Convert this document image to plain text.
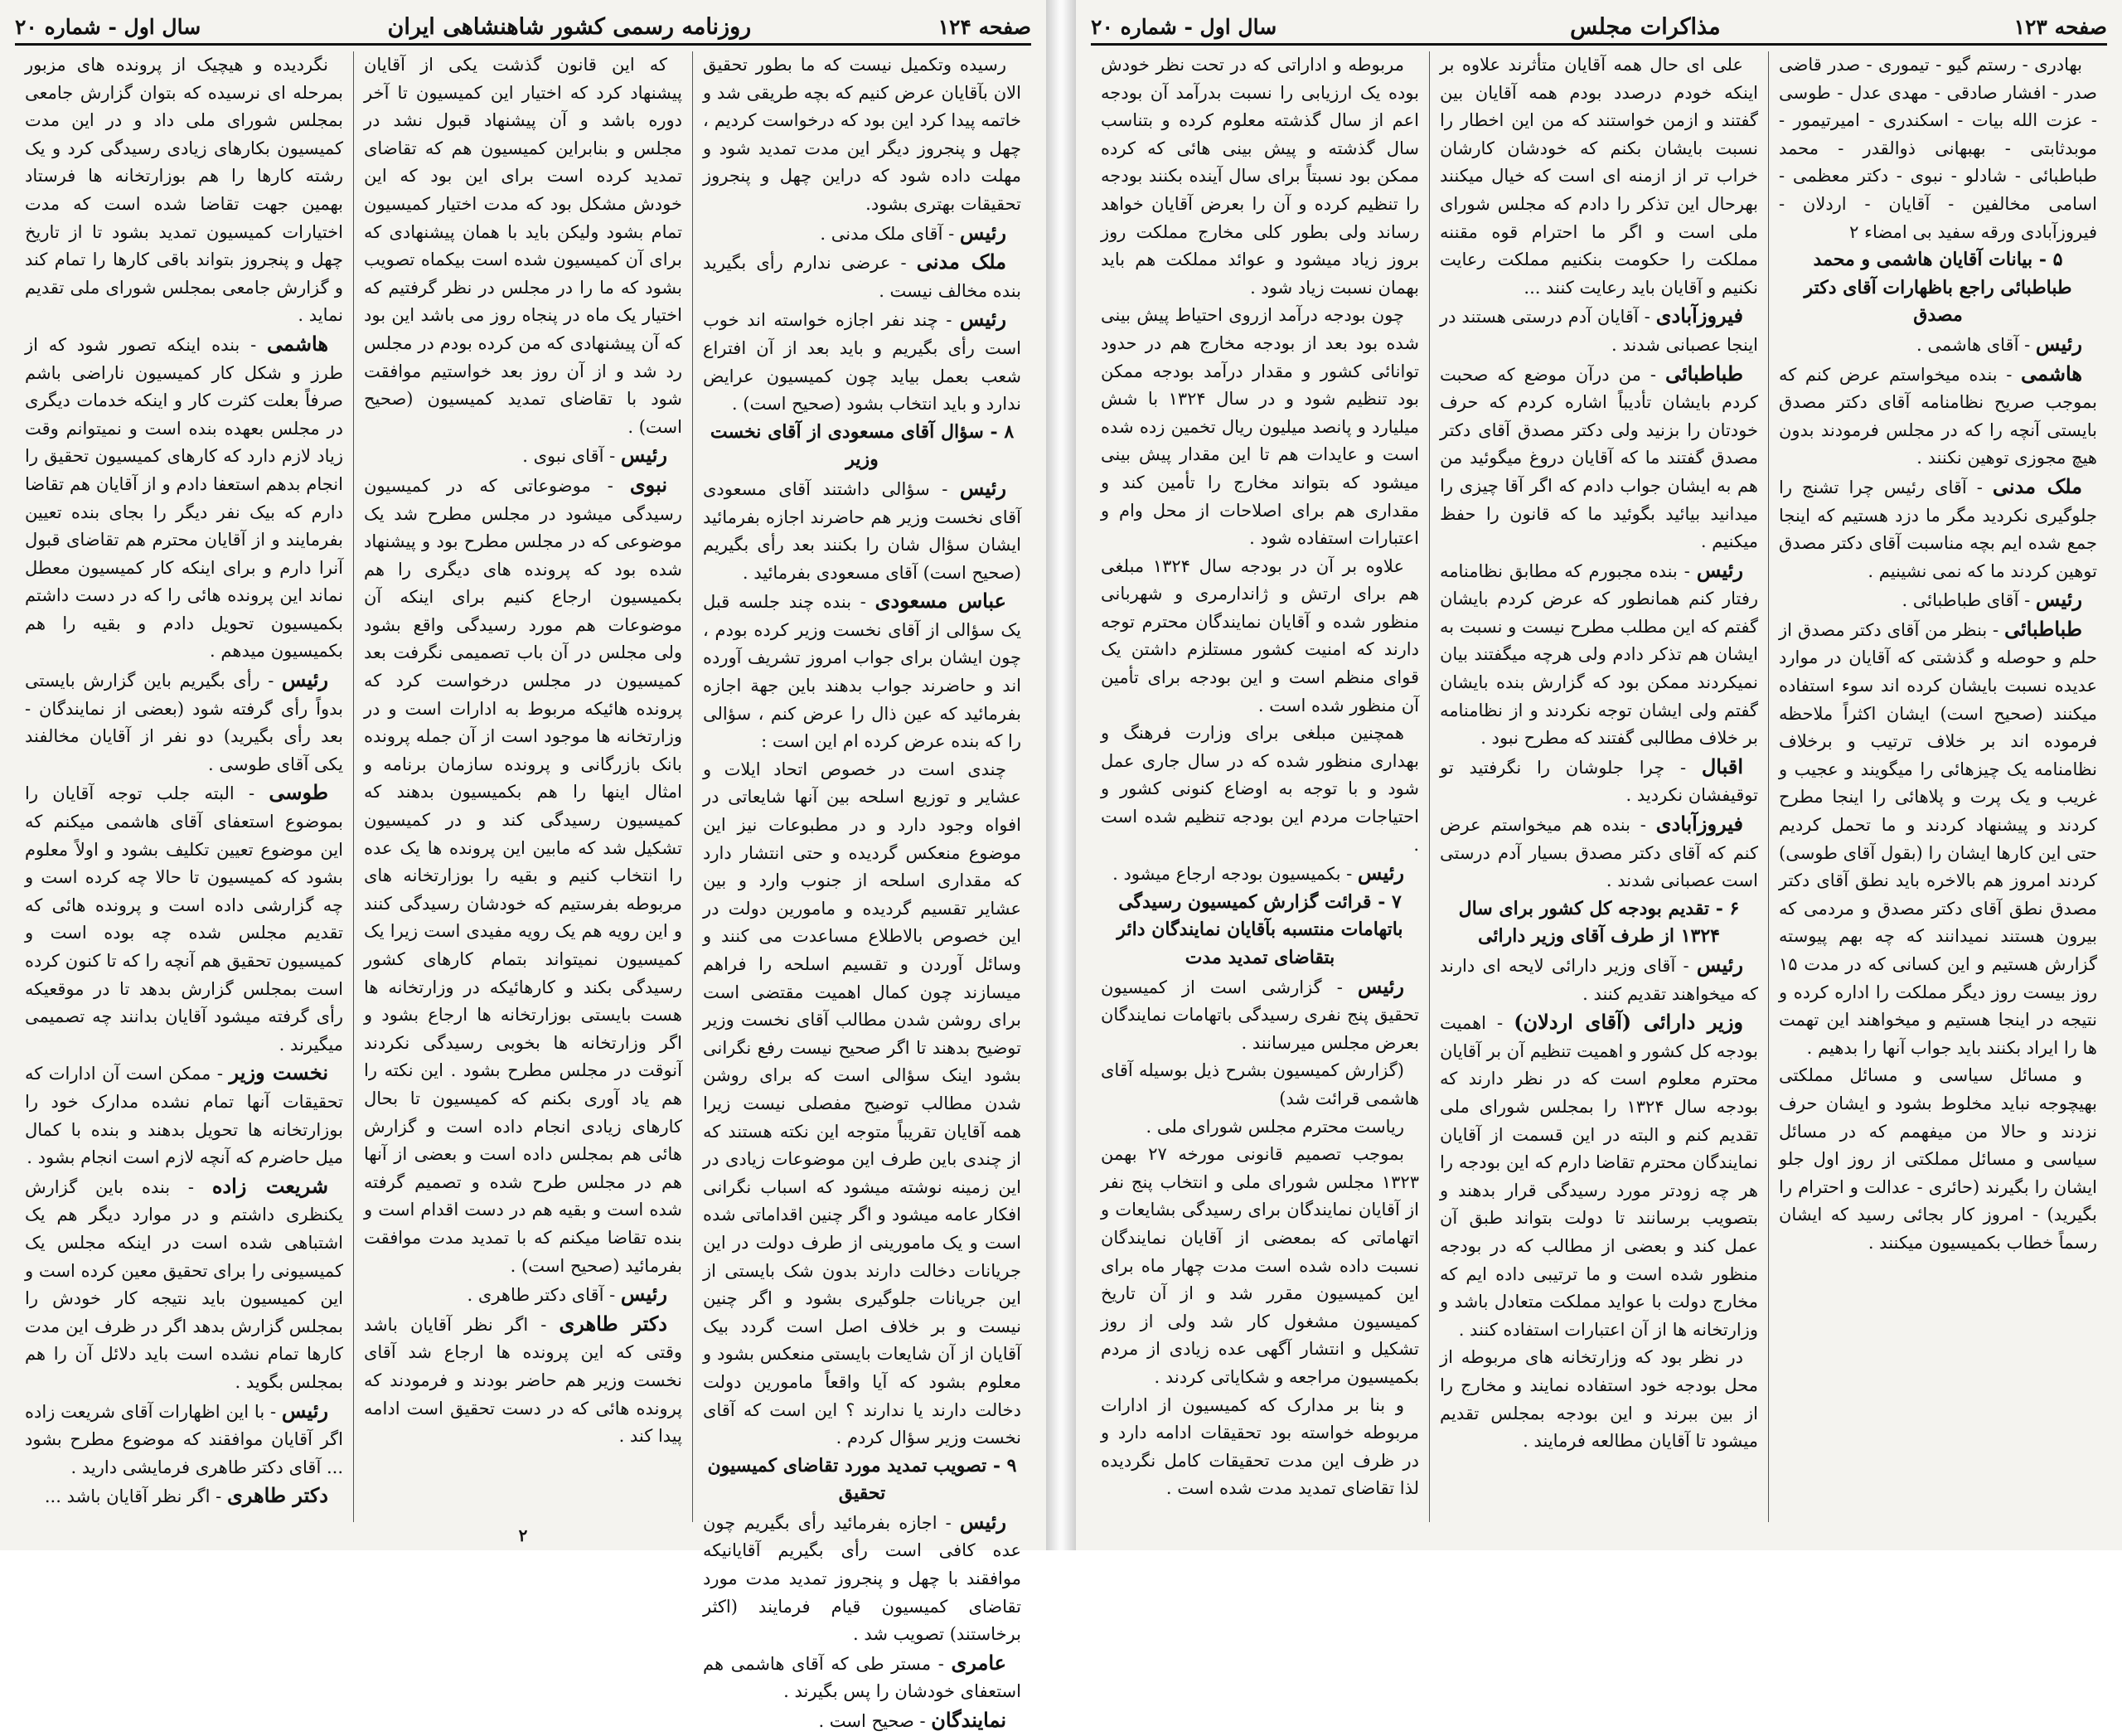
صفحه ۱۲۴
روزنامه رسمی کشور شاهنشاهی ایران
سال اول - شماره ۲۰

رسیده وتکمیل نیست که ما بطور تحقیق الان بآقایان عرض کنیم که بچه طریقی شد و خاتمه پیدا کرد این بود که درخواست کردیم ، چهل و پنجروز دیگر این مدت تمدید شود و مهلت داده شود که دراین چهل و پنجروز تحقیقات بهتری بشود.

رئیس - آقای ملک مدنی .

ملک مدنی - عرضی ندارم رأی بگیرید بنده مخالف نیست .

رئیس - چند نفر اجازه خواسته اند خوب است رأی بگیریم و باید بعد از آن افتراع شعب بعمل بیاید چون کمیسیون عرایض ندارد و باید انتخاب بشود (صحیح است) .

۸ - سؤال آقای مسعودی از آقای نخست وزیر

رئیس - سؤالی داشتند آقای مسعودی آقای نخست وزیر هم حاضرند اجازه بفرمائید ایشان سؤال شان را بکنند بعد رأی بگیریم (صحیح است) آقای مسعودی بفرمائید .

عباس مسعودی - بنده چند جلسه قبل یک سؤالی از آقای نخست وزیر کرده بودم ، چون ایشان برای جواب امروز تشریف آورده اند و حاضرند جواب بدهند باین جهة اجازه بفرمائید که عین ذال را عرض کنم ، سؤالی را که بنده عرض کرده ام این است :

چندی است در خصوص اتحاد ایلات و عشایر و توزیع اسلحه بین آنها شایعاتی در افواه وجود دارد و در مطبوعات نیز این موضوع منعکس گردیده و حتی انتشار دارد که مقداری اسلحه از جنوب وارد و بین عشایر تقسیم گردیده و مامورین دولت در این خصوص بالاطلاع مساعدت می کنند و وسائل آوردن و تقسیم اسلحه را فراهم میسازند چون کمال اهمیت مقتضی است برای روشن شدن مطالب آقای نخست وزیر توضیح بدهند تا اگر صحیح نیست رفع نگرانی بشود اینک سؤالی است که برای روشن شدن مطالب توضیح مفصلی نیست زیرا همه آقایان تقریباً متوجه این نکته هستند که از چندی باین طرف این موضوعات زیادی در این زمینه نوشته میشود که اسباب نگرانی افکار عامه میشود و اگر چنین اقداماتی شده است و یک مامورینی از طرف دولت در این جریانات دخالت دارند بدون شک بایستی از این جریانات جلوگیری بشود و اگر چنین نیست و بر خلاف اصل است گردد بیک آقایان از آن شایعات بایستی منعکس بشود و معلوم بشود که آیا واقعاً مامورین دولت دخالت دارند یا ندارند ؟ این است که آقای نخست وزیر سؤال کردم .

۹ - تصویب تمدید مورد تقاضای کمیسیون تحقیق

رئیس - اجازه بفرمائید رأی بگیریم چون عده کافی است رأی بگیریم آقایانیکه موافقند با چهل و پنجروز تمدید مدت مورد تقاضای کمیسیون قیام فرمایند (اکثر برخاستند) تصویب شد .

عامری - مستر طی که آقای هاشمی هم استعفای خودشان را پس بگیرند .

نمایندگان - صحیح است .

که این قانون گذشت یکی از آقایان پیشنهاد کرد که اختیار این کمیسیون تا آخر دوره باشد و آن پیشنهاد قبول نشد در مجلس و بنابراین کمیسیون هم که تقاضای تمدید کرده است برای این بود که این خودش مشکل بود که مدت اختیار کمیسیون تمام بشود ولیکن باید با همان پیشنهادی که برای آن کمیسیون شده است بیکماه تصویب بشود که ما را در مجلس در نظر گرفتیم که اختیار یک ماه در پنجاه روز می باشد این بود که آن پیشنهادی که من کرده بودم در مجلس رد شد و از آن روز بعد خواستیم موافقت شود با تقاضای تمدید کمیسیون (صحیح است) .

رئیس - آقای نبوی .

نبوی - موضوعاتی که در کمیسیون رسیدگی میشود در مجلس مطرح شد یک موضوعی که در مجلس مطرح بود و پیشنهاد شده بود که پرونده های دیگری را هم بکمیسیون ارجاع کنیم برای اینکه آن موضوعات هم مورد رسیدگی واقع بشود ولی مجلس در آن باب تصمیمی نگرفت بعد کمیسیون در مجلس درخواست کرد که پرونده هائیکه مربوط به ادارات است و در وزارتخانه ها موجود است از آن جمله پرونده بانک بازرگانی و پرونده سازمان برنامه و امثال اینها را هم بکمیسیون بدهند که کمیسیون رسیدگی کند و در کمیسیون تشکیل شد که مابین این پرونده ها یک عده را انتخاب کنیم و بقیه را بوزارتخانه های مربوطه بفرستیم که خودشان رسیدگی کنند و این رویه هم یک رویه مفیدی است زیرا یک کمیسیون نمیتواند بتمام کارهای کشور رسیدگی بکند و کارهائیکه در وزارتخانه ها هست بایستی بوزارتخانه ها ارجاع بشود و اگر وزارتخانه ها بخوبی رسیدگی نکردند آنوقت در مجلس مطرح بشود . این نکته را هم یاد آوری بکنم که کمیسیون تا بحال کارهای زیادی انجام داده است و گزارش هائی هم بمجلس داده است و بعضی از آنها هم در مجلس طرح شده و تصمیم گرفته شده است و بقیه هم در دست اقدام است و بنده تقاضا میکنم که با تمدید مدت موافقت بفرمائید (صحیح است) .

رئیس - آقای دکتر طاهری .

دکتر طاهری - اگر نظر آقایان باشد وقتی که این پرونده ها ارجاع شد آقای نخست وزیر هم حاضر بودند و فرمودند که پرونده هائی که در دست تحقیق است ادامه پیدا کند .

نگردیده و هیچیک از پرونده های مزبور بمرحله ای نرسیده که بتوان گزارش جامعی بمجلس شورای ملی داد و در این مدت کمیسیون بکارهای زیادی رسیدگی کرد و یک رشته کارها را هم بوزارتخانه ها فرستاد بهمین جهت تقاضا شده است که مدت اختیارات کمیسیون تمدید بشود تا از تاریخ چهل و پنجروز بتواند باقی کارها را تمام کند و گزارش جامعی بمجلس شورای ملی تقدیم نماید .

هاشمی - بنده اینکه تصور شود که از طرز و شکل کار کمیسیون ناراضی باشم صرفاً بعلت کثرت کار و اینکه خدمات دیگری در مجلس بعهده بنده است و نمیتوانم وقت زیاد لازم دارد که کارهای کمیسیون تحقیق را انجام بدهم استعفا دادم و از آقایان هم تقاضا دارم که بیک نفر دیگر را بجای بنده تعیین بفرمایند و از آقایان محترم هم تقاضای قبول آنرا دارم و برای اینکه کار کمیسیون معطل نماند این پرونده هائی را که در دست داشتم بکمیسیون تحویل دادم و بقیه را هم بکمیسیون میدهم .

رئیس - رأی بگیریم باین گزارش بایستی بدواً رأی گرفته شود (بعضی از نمایندگان - بعد رأی بگیرید) دو نفر از آقایان مخالفند یکی آقای طوسی .

طوسی - البته جلب توجه آقایان را بموضوع استعفای آقای هاشمی میکنم که این موضوع تعیین تکلیف بشود و اولاً معلوم بشود که کمیسیون تا حالا چه کرده است و چه گزارشی داده است و پرونده هائی که تقدیم مجلس شده چه بوده است و کمیسیون تحقیق هم آنچه را که تا کنون کرده است بمجلس گزارش بدهد تا در موقعیکه رأی گرفته میشود آقایان بدانند چه تصمیمی میگیرند .

نخست وزیر - ممکن است آن ادارات که تحقیقات آنها تمام نشده مدارک خود را بوزارتخانه ها تحویل بدهند و بنده با کمال میل حاضرم که آنچه لازم است انجام بشود .

شریعت زاده - بنده باین گزارش یکنظری داشتم و در موارد دیگر هم یک اشتباهی شده است در اینکه مجلس یک کمیسیونی را برای تحقیق معین کرده است و این کمیسیون باید نتیجه کار خودش را بمجلس گزارش بدهد اگر در ظرف این مدت کارها تمام نشده است باید دلائل آن را هم بمجلس بگوید .

رئیس - با این اظهارات آقای شریعت زاده اگر آقایان موافقند که موضوع مطرح بشود ... آقای دکتر طاهری فرمایشی دارید .

دکتر طاهری - اگر نظر آقایان باشد ...

۲
صفحه ۱۲۳
مذاکرات مجلس
سال اول - شماره ۲۰

بهادری - رستم گیو - تیموری - صدر قاضی صدر - افشار صادقی - مهدی عدل - طوسی - عزت الله بیات - اسکندری - امیرتیمور - موبدثابتی - بهبهانی ذوالقدر - محمد طباطبائی - شادلو - نبوی - دکتر معظمی - اسامی مخالفین - آقایان - اردلان - فیروزآبادی ورقه سفید بی امضاء ۲

۵ - بیانات آقایان هاشمی و محمد طباطبائی راجع باظهارات آقای دکتر مصدق

رئیس - آقای هاشمی .

هاشمی - بنده میخواستم عرض کنم که بموجب صریح نظامنامه آقای دکتر مصدق بایستی آنچه را که در مجلس فرمودند بدون هیچ مجوزی توهین نکنند .

ملک مدنی - آقای رئیس چرا تشنج را جلوگیری نکردید مگر ما دزد هستیم که اینجا جمع شده ایم بچه مناسبت آقای دکتر مصدق توهین کردند ما که نمی نشینیم .

رئیس - آقای طباطبائی .

طباطبائی - بنظر من آقای دکتر مصدق از حلم و حوصله و گذشتی که آقایان در موارد عدیده نسبت بایشان کرده اند سوء استفاده میکنند (صحیح است) ایشان اکثراً ملاحظه فرموده اند بر خلاف ترتیب و برخلاف نظامنامه یک چیزهائی را میگویند و عجیب و غریب و یک پرت و پلاهائی را اینجا مطرح کردند و پیشنهاد کردند و ما تحمل کردیم حتی این کارها ایشان را (بقول آقای طوسی) کردند امروز هم بالاخره باید نطق آقای دکتر مصدق نطق آقای دکتر مصدق و مردمی که بیرون هستند نمیدانند که چه بهم پیوسته گزارش هستیم و این کسانی که در مدت ۱۵ روز بیست روز دیگر مملکت را اداره کرده و نتیجه در اینجا هستیم و میخواهند این تهمت ها را ایراد بکنند باید جواب آنها را بدهیم .

و مسائل سیاسی و مسائل مملکتی بهیچوجه نباید مخلوط بشود و ایشان حرف نزدند و حالا من میفهمم که در مسائل سیاسی و مسائل مملکتی از روز اول جلو ایشان را بگیرند (حائری - عدالت و احترام را بگیرید) - امروز کار بجائی رسید که ایشان رسماً خطاب بکمیسیون میکنند .

علی ای حال همه آقایان متأثرند علاوه بر اینکه خودم درصدد بودم همه آقایان بین گفتند و ازمن خواستند که من این اخطار را نسبت بایشان بکنم که خودشان کارشان خراب تر از ازمنه ای است که خیال میکنند بهرحال این تذکر را دادم که مجلس شورای ملی است و اگر ما احترام قوه مقننه مملکت را حکومت بنکنیم مملکت رعایت نکنیم و آقایان باید رعایت کنند ...

فیروزآبادی - آقایان آدم درستی هستند در اینجا عصبانی شدند .

طباطبائی - من درآن موضع که صحبت کردم بایشان تأدیباً اشاره کردم که حرف خودتان را بزنید ولی دکتر مصدق آقای دکتر مصدق گفتند ما که آقایان دروغ میگوئید من هم به ایشان جواب دادم که اگر آقا چیزی را میدانید بیائید بگوئید ما که قانون را حفظ میکنیم .

رئیس - بنده مجبورم که مطابق نظامنامه رفتار کنم همانطور که عرض کردم بایشان گفتم که این مطلب مطرح نیست و نسبت به ایشان هم تذکر دادم ولی هرچه میگفتند بیان نمیکردند ممکن بود که گزارش بنده بایشان گفتم ولی ایشان توجه نکردند و از نظامنامه بر خلاف مطالبی گفتند که مطرح نبود .

اقبال - چرا جلوشان را نگرفتید تو توقیفشان نکردید .

فیروزآبادی - بنده هم میخواستم عرض کنم که آقای دکتر مصدق بسیار آدم درستی است عصبانی شدند .

۶ - تقدیم بودجه کل کشور برای سال ۱۳۲۴ از طرف آقای وزیر دارائی

رئیس - آقای وزیر دارائی لایحه ای دارند که میخواهند تقدیم کنند .

وزیر دارائی (آقای اردلان) - اهمیت بودجه کل کشور و اهمیت تنظیم آن بر آقایان محترم معلوم است که در نظر دارند که بودجه سال ۱۳۲۴ را بمجلس شورای ملی تقدیم کنم و البته در این قسمت از آقایان نمایندگان محترم تقاضا دارم که این بودجه را هر چه زودتر مورد رسیدگی قرار بدهند و بتصویب برسانند تا دولت بتواند طبق آن عمل کند و بعضی از مطالب که در بودجه منظور شده است و ما ترتیبی داده ایم که مخارج دولت با عواید مملکت متعادل باشد و وزارتخانه ها از آن اعتبارات استفاده کنند .

در نظر بود که وزارتخانه های مربوطه از محل بودجه خود استفاده نمایند و مخارج را از بین ببرند و این بودجه بمجلس تقدیم میشود تا آقایان مطالعه فرمایند .

مربوطه و اداراتی که در تحت نظر خودش بوده یک ارزیابی را نسبت بدرآمد آن بودجه اعم از سال گذشته معلوم کرده و بتناسب سال گذشته و پیش بینی هائی که کرده ممکن بود نسبتاً برای سال آینده بکنند بودجه را تنظیم کرده و آن را بعرض آقایان خواهد رساند ولی بطور کلی مخارج مملکت روز بروز زیاد میشود و عوائد مملکت هم باید بهمان نسبت زیاد شود .

چون بودجه درآمد ازروی احتیاط پیش بینی شده بود بعد از بودجه مخارج هم در حدود توانائی کشور و مقدار درآمد بودجه ممکن بود تنظیم شود و در سال ۱۳۲۴ با شش میلیارد و پانصد میلیون ریال تخمین زده شده است و عایدات هم تا این مقدار پیش بینی میشود که بتواند مخارج را تأمین کند و مقداری هم برای اصلاحات از محل وام و اعتبارات استفاده شود .

علاوه بر آن در بودجه سال ۱۳۲۴ مبلغی هم برای ارتش و ژاندارمری و شهربانی منظور شده و آقایان نمایندگان محترم توجه دارند که امنیت کشور مستلزم داشتن یک قوای منظم است و این بودجه برای تأمین آن منظور شده است .

همچنین مبلغی برای وزارت فرهنگ و بهداری منظور شده که در سال جاری عمل شود و با توجه به اوضاع کنونی کشور و احتیاجات مردم این بودجه تنظیم شده است .

رئیس - بکمیسیون بودجه ارجاع میشود .

۷ - قرائت گزارش کمیسیون رسیدگی باتهامات منتسبه بآقایان نمایندگان دائر بتقاضای تمدید مدت

رئیس - گزارشی است از کمیسیون تحقیق پنج نفری رسیدگی باتهامات نمایندگان بعرض مجلس میرسانند .

(گزارش کمیسیون بشرح ذیل بوسیله آقای هاشمی قرائت شد)

ریاست محترم مجلس شورای ملی .

بموجب تصمیم قانونی مورخه ۲۷ بهمن ۱۳۲۳ مجلس شورای ملی و انتخاب پنج نفر از آقایان نمایندگان برای رسیدگی بشایعات و اتهاماتی که بمعضی از آقایان نمایندگان نسبت داده شده است مدت چهار ماه برای این کمیسیون مقرر شد و از آن تاریخ کمیسیون مشغول کار شد ولی از روز تشکیل و انتشار آگهی عده زیادی از مردم بکمیسیون مراجعه و شکایاتی کردند .

و بنا بر مدارک که کمیسیون از ادارات مربوطه خواسته بود تحقیقات ادامه دارد و در ظرف این مدت تحقیقات کامل نگردیده لذا تقاضای تمدید مدت شده است .
